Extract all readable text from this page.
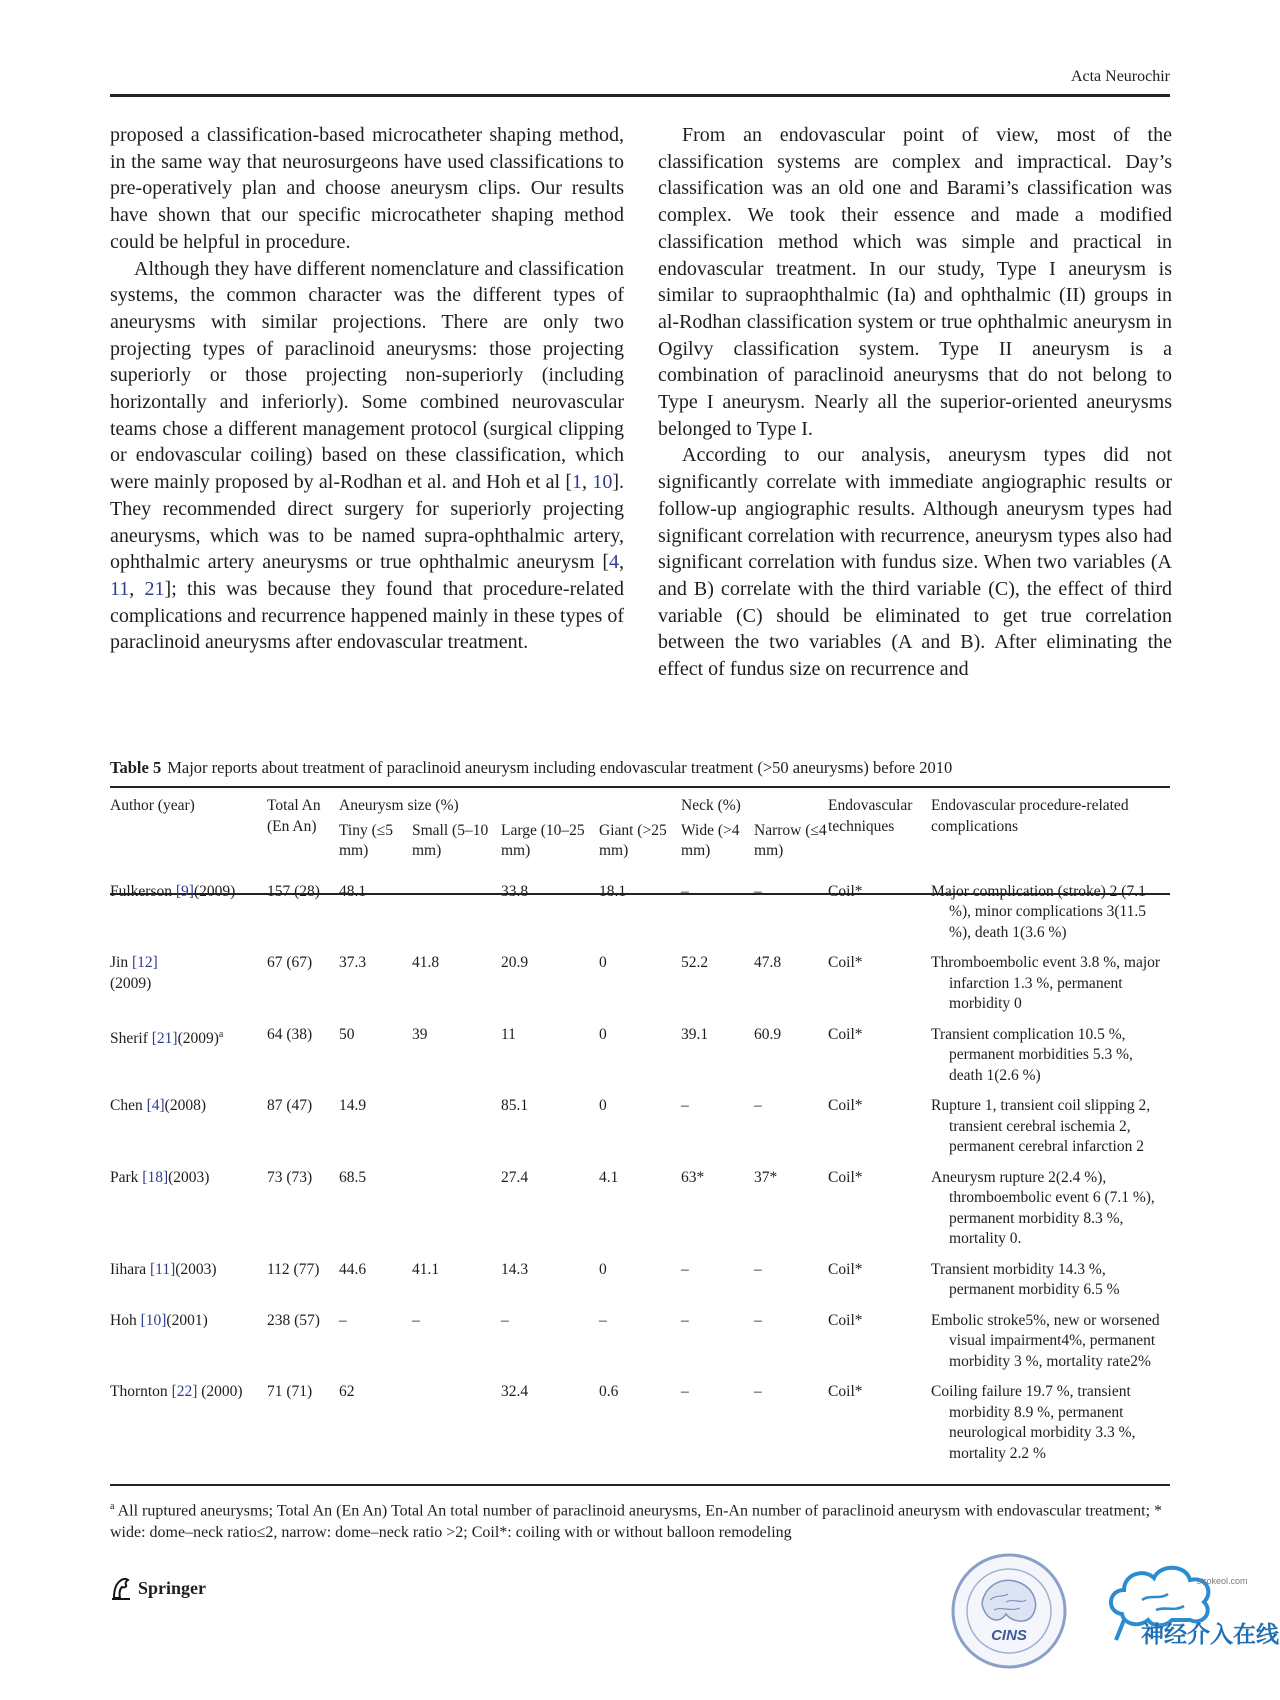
Acta Neurochir

proposed a classification-based microcatheter shaping method, in the same way that neurosurgeons have used classifications to pre-operatively plan and choose aneurysm clips. Our results have shown that our specific microcatheter shaping method could be helpful in procedure.

Although they have different nomenclature and classification systems, the common character was the different types of aneurysms with similar projections. There are only two projecting types of paraclinoid aneurysms: those projecting superiorly or those projecting non-superiorly (including horizontally and inferiorly). Some combined neurovascular teams chose a different management protocol (surgical clipping or endovascular coiling) based on these classification, which were mainly proposed by al-Rodhan et al. and Hoh et al [1, 10]. They recommended direct surgery for superiorly projecting aneurysms, which was to be named supra-ophthalmic artery, ophthalmic artery aneurysms or true ophthalmic aneurysm [4, 11, 21]; this was because they found that procedure-related complications and recurrence happened mainly in these types of paraclinoid aneurysms after endovascular treatment.

From an endovascular point of view, most of the classification systems are complex and impractical. Day’s classification was an old one and Barami’s classification was complex. We took their essence and made a modified classification method which was simple and practical in endovascular treatment. In our study, Type I aneurysm is similar to supraophthalmic (Ia) and ophthalmic (II) groups in al-Rodhan classification system or true ophthalmic aneurysm in Ogilvy classification system. Type II aneurysm is a combination of paraclinoid aneurysms that do not belong to Type I aneurysm. Nearly all the superior-oriented aneurysms belonged to Type I.

According to our analysis, aneurysm types did not significantly correlate with immediate angiographic results or follow-up angiographic results. Although aneurysm types had significant correlation with recurrence, aneurysm types also had significant correlation with fundus size. When two variables (A and B) correlate with the third variable (C), the effect of third variable (C) should be eliminated to get true correlation between the two variables (A and B). After eliminating the effect of fundus size on recurrence and

Table 5 Major reports about treatment of paraclinoid aneurysm including endovascular treatment (>50 aneurysms) before 2010
Author (year)	Total An (En An)	Aneurysm size (%)				Neck (%)		Endovascular techniques	Endovascular procedure-related complications
		Tiny (≤5 mm)	Small (5–10 mm)	Large (10–25 mm)	Giant (>25 mm)	Wide (>4 mm)	Narrow (≤4 mm)		
Fulkerson [9](2009)	157 (28)	48.1		33.8	18.1	–	–	Coil*	Major complication (stroke) 2 (7.1 %), minor complications 3(11.5 %), death 1(3.6 %)
Jin [12]
(2009)	67 (67)	37.3	41.8	20.9	0	52.2	47.8	Coil*	Thromboembolic event 3.8 %, major infarction 1.3 %, permanent morbidity 0
Sherif $[21](2009)^a$	64 (38)	50	39	11	0	39.1	60.9	Coil*	Transient complication 10.5 %, permanent morbidities 5.3 %, death 1(2.6 %)
Chen [4](2008)	87 (47)	14.9		85.1	0	–	–	Coil*	Rupture 1, transient coil slipping 2, transient cerebral ischemia 2, permanent cerebral infarction 2
Park [18](2003)	73 (73)	68.5		27.4	4.1	63*	37*	Coil*	Aneurysm rupture 2(2.4 %), thromboembolic event 6 (7.1 %), permanent morbidity 8.3 %, mortality 0.
Iihara [11](2003)	112 (77)	44.6	41.1	14.3	0	–	–	Coil*	Transient morbidity 14.3 %, permanent morbidity 6.5 %
Hoh [10](2001)	238 (57)	–	–	–	–	–	–	Coil*	Embolic stroke5%, new or worsened visual impairment4%, permanent morbidity 3 %, mortality rate2%
Thornton [22] (2000)	71 (71)	62		32.4	0.6	–	–	Coil*	Coiling failure 19.7 %, transient morbidity 8.9 %, permanent neurological morbidity 3.3 %, mortality 2.2 %
$^a$ All ruptured aneurysms; Total An (En An) Total An total number of paraclinoid aneurysms, En-An number of paraclinoid aneurysm with endovascular treatment; * wide: dome–neck ratio≤2, narrow: dome–neck ratio >2; Coil*: coiling with or without balloon remodeling
Springer
CINS
strokeol.com
神经介入在线
